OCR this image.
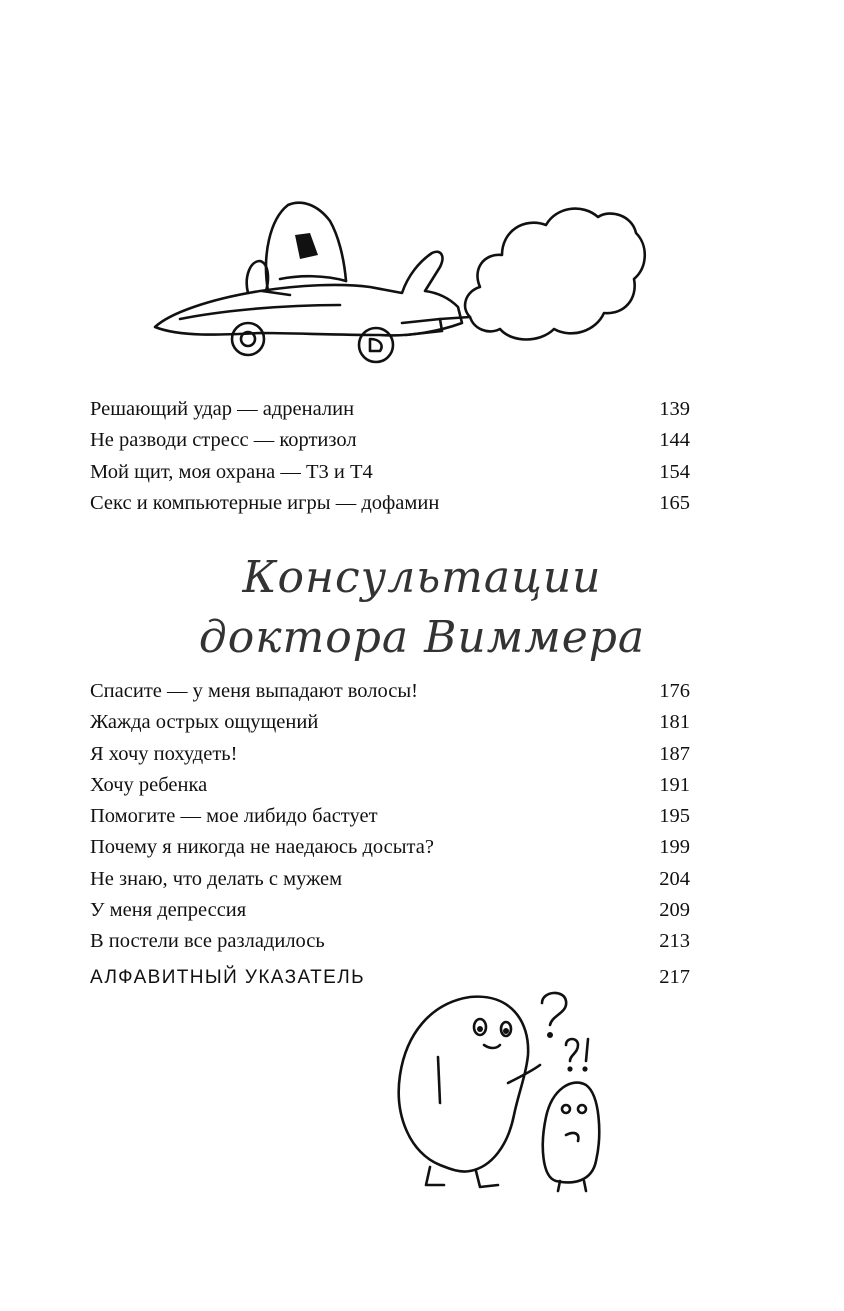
Решающий удар — адреналин	139
Не разводи стресс — кортизол	144
Мой щит, моя охрана — Т3 и Т4	154
Секс и компьютерные игры — дофамин	165
Консультации
доктора Виммера
Спасите — у меня выпадают волосы!	176
Жажда острых ощущений	181
Я хочу похудеть!	187
Хочу ребенка	191
Помогите — мое либидо бастует	195
Почему я никогда не наедаюсь досыта?	199
Не знаю, что делать с мужем	204
У меня депрессия	209
В постели все разладилось	213
АЛФАВИТНЫЙ УКАЗАТЕЛЬ	217
